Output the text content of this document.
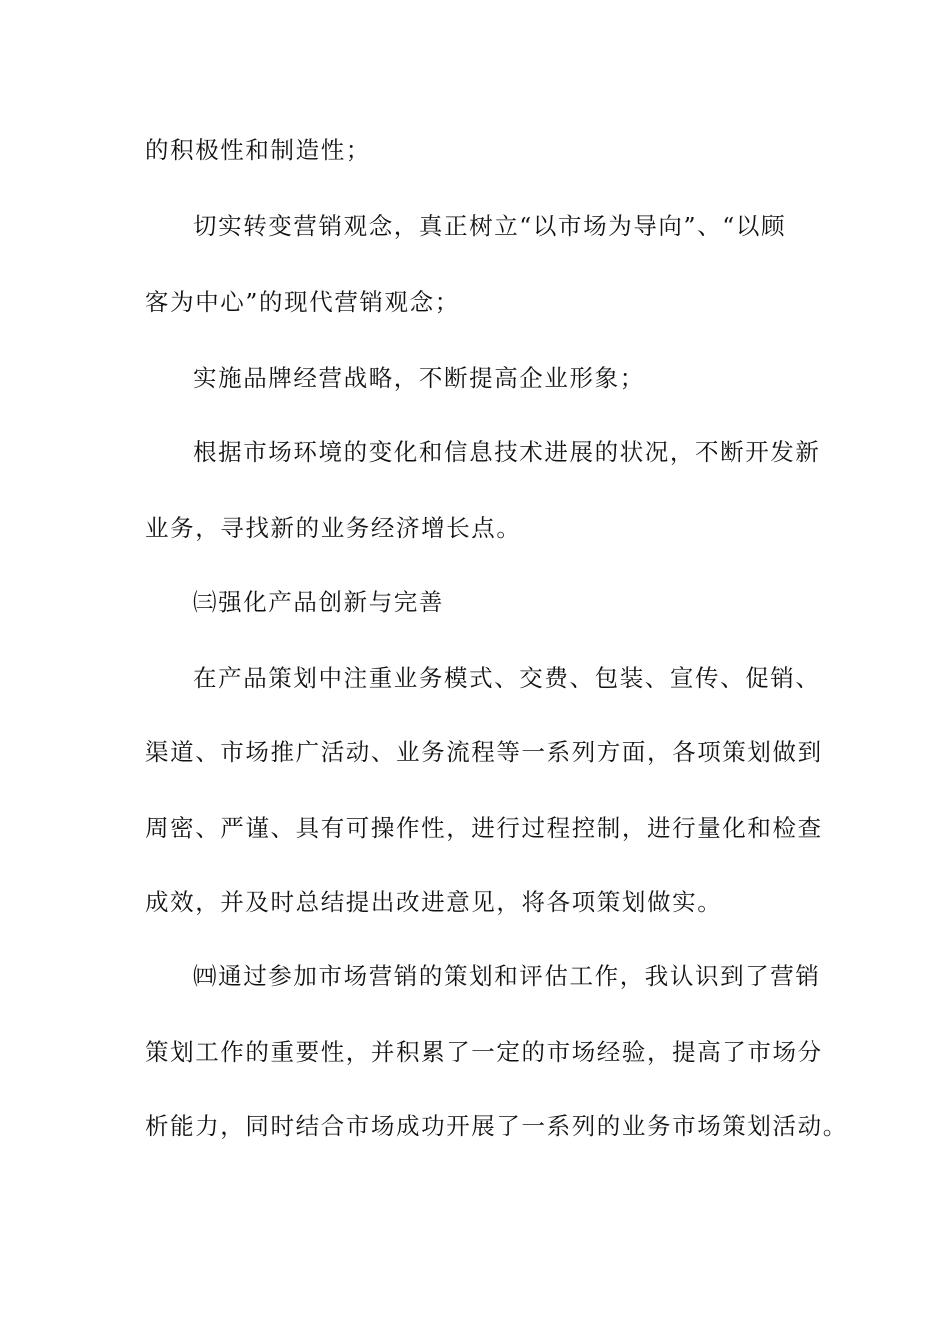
的积极性和制造性；
切实转变营销观念，真正树立“以市场为导向”、“以顾
客为中心”的现代营销观念；
实施品牌经营战略，不断提高企业形象；
根据市场环境的变化和信息技术进展的状况，不断开发新
业务，寻找新的业务经济增长点。
㈢强化产品创新与完善
在产品策划中注重业务模式、交费、包装、宣传、促销、
渠道、市场推广活动、业务流程等一系列方面，各项策划做到
周密、严谨、具有可操作性，进行过程控制，进行量化和检查
成效，并及时总结提出改进意见，将各项策划做实。
㈣通过参加市场营销的策划和评估工作，我认识到了营销
策划工作的重要性，并积累了一定的市场经验，提高了市场分
析能力，同时结合市场成功开展了一系列的业务市场策划活动。
